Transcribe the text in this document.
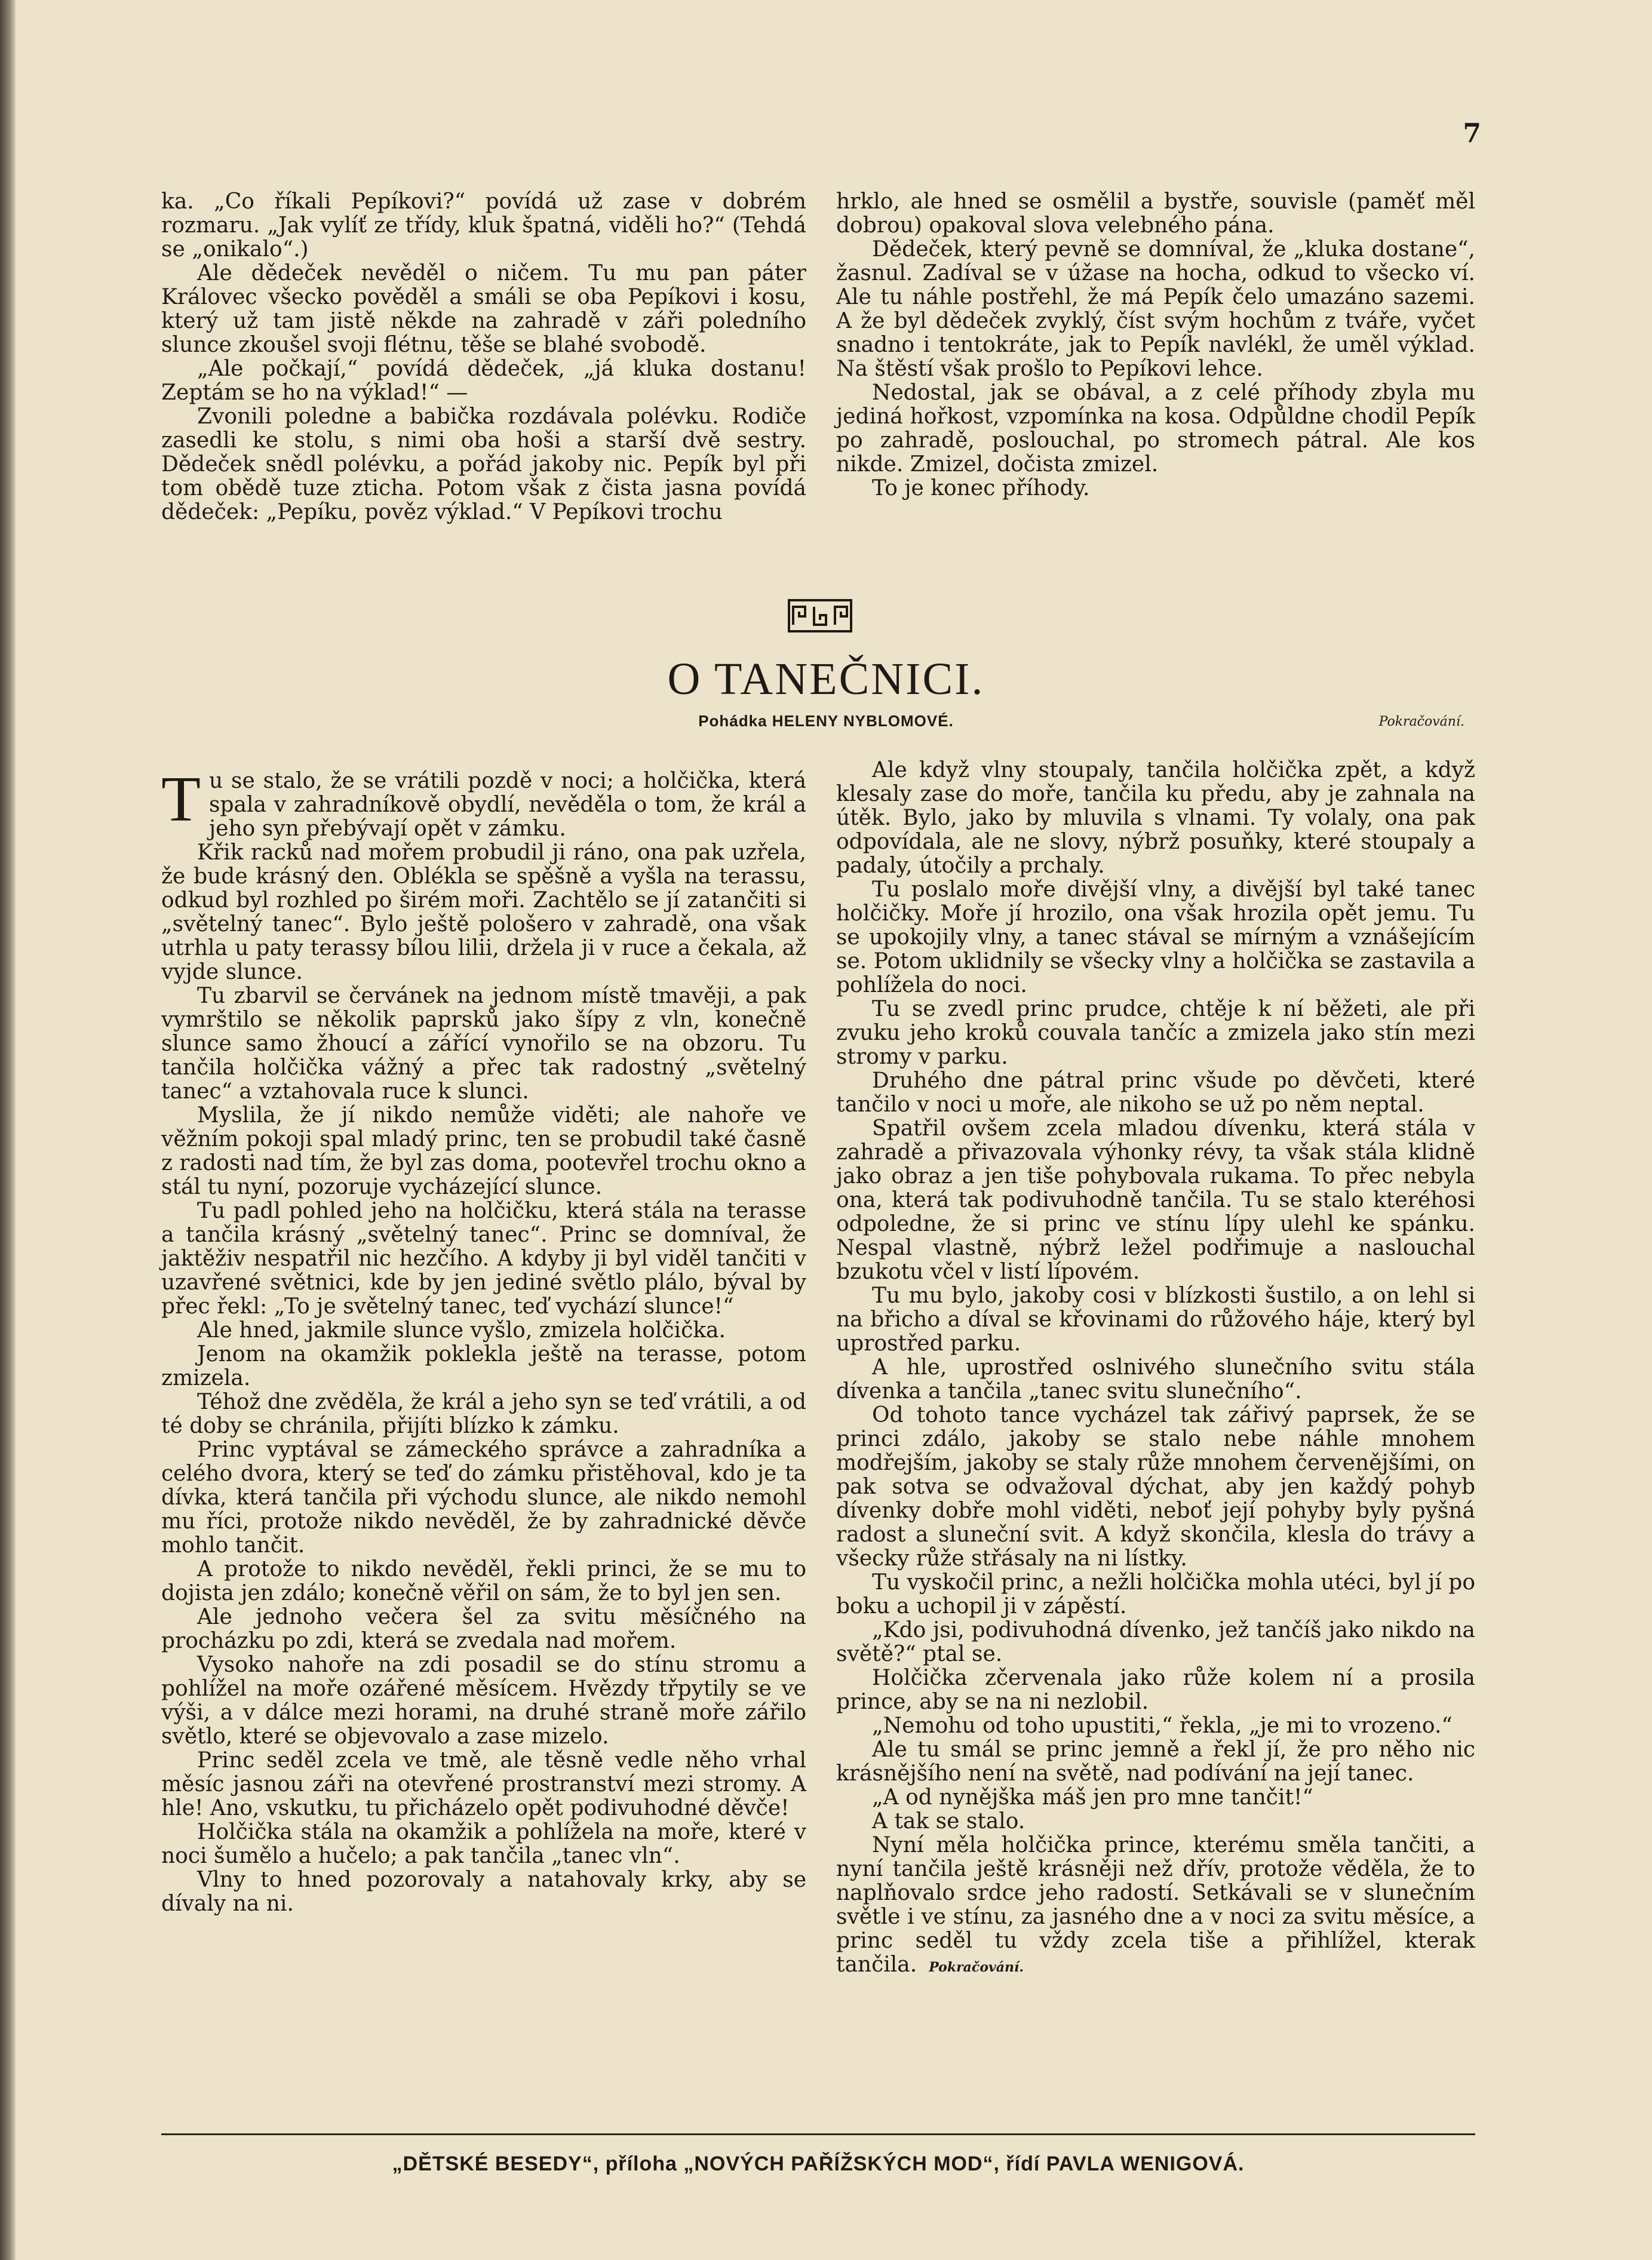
7

ka. „Co říkali Pepíkovi?“ povídá už zase v dobrém rozmaru. „Jak vylíť ze třídy, kluk špatná, viděli ho?“ (Tehdá se „onikalo“.)

Ale dědeček nevěděl o ničem. Tu mu pan páter Královec všecko pověděl a smáli se oba Pepíkovi i kosu, který už tam jistě někde na zahradě v záři poledního slunce zkoušel svoji flétnu, těše se blahé svobodě.

„Ale počkají,“ povídá dědeček, „já kluka dostanu! Zeptám se ho na výklad!“ —

Zvonili poledne a babička rozdávala polévku. Rodiče zasedli ke stolu, s nimi oba hoši a starší dvě sestry. Dědeček snědl polévku, a pořád jakoby nic. Pepík byl při tom obědě tuze zticha. Potom však z čista jasna povídá dědeček: „Pepíku, pověz výklad.“ V Pepíkovi trochu

hrklo, ale hned se osmělil a bystře, souvisle (paměť měl dobrou) opakoval slova velebného pána.

Dědeček, který pevně se domníval, že „kluka dostane“, žasnul. Zadíval se v úžase na hocha, odkud to všecko ví. Ale tu náhle postřehl, že má Pepík čelo umazáno sazemi. A že byl dědeček zvyklý, číst svým hochům z tváře, vyčet snadno i tentokráte, jak to Pepík navlékl, že uměl výklad. Na štěstí však prošlo to Pepíkovi lehce.

Nedostal, jak se obával, a z celé příhody zbyla mu jediná hořkost, vzpomínka na kosa. Odpůldne chodil Pepík po zahradě, poslouchal, po stromech pátral. Ale kos nikde. Zmizel, dočista zmizel.

To je konec příhody.

O TANEČNICI.
Pohádka HELENY NYBLOMOVÉ.	Pokračování.

Tu se stalo, že se vrátili pozdě v noci; a holčička, která spala v zahradníkově obydlí, nevěděla o tom, že král a jeho syn přebývají opět v zámku.

Křik racků nad mořem probudil ji ráno, ona pak uzřela, že bude krásný den. Oblékla se spěšně a vyšla na terassu, odkud byl rozhled po širém moři. Zachtělo se jí zatančiti si „světelný tanec“. Bylo ještě pološero v zahradě, ona však utrhla u paty terassy bílou lilii, držela ji v ruce a čekala, až vyjde slunce.

Tu zbarvil se červánek na jednom místě tmavěji, a pak vymrštilo se několik paprsků jako šípy z vln, konečně slunce samo žhoucí a zářící vynořilo se na obzoru. Tu tančila holčička vážný a přec tak radostný „světelný tanec“ a vztahovala ruce k slunci.

Myslila, že jí nikdo nemůže viděti; ale nahoře ve věžním pokoji spal mladý princ, ten se probudil také časně z radosti nad tím, že byl zas doma, pootevřel trochu okno a stál tu nyní, pozoruje vycházející slunce.

Tu padl pohled jeho na holčičku, která stála na terasse a tančila krásný „světelný tanec“. Princ se domníval, že jaktěživ nespatřil nic hezčího. A kdyby ji byl viděl tančiti v uzavřené světnici, kde by jen jediné světlo plálo, býval by přec řekl: „To je světelný tanec, teď vychází slunce!“

Ale hned, jakmile slunce vyšlo, zmizela holčička.

Jenom na okamžik poklekla ještě na terasse, potom zmizela.

Téhož dne zvěděla, že král a jeho syn se teď vrátili, a od té doby se chránila, přijíti blízko k zámku.

Princ vyptával se zámeckého správce a zahradníka a celého dvora, který se teď do zámku přistěhoval, kdo je ta dívka, která tančila při východu slunce, ale nikdo nemohl mu říci, protože nikdo nevěděl, že by zahradnické děvče mohlo tančit.

A protože to nikdo nevěděl, řekli princi, že se mu to dojista jen zdálo; konečně věřil on sám, že to byl jen sen.

Ale jednoho večera šel za svitu měsíčného na procházku po zdi, která se zvedala nad mořem.

Vysoko nahoře na zdi posadil se do stínu stromu a pohlížel na moře ozářené měsícem. Hvězdy třpytily se ve výši, a v dálce mezi horami, na druhé straně moře zářilo světlo, které se objevovalo a zase mizelo.

Princ seděl zcela ve tmě, ale těsně vedle něho vrhal měsíc jasnou záři na otevřené prostranství mezi stromy. A hle! Ano, vskutku, tu přicházelo opět podivuhodné děvče!

Holčička stála na okamžik a pohlížela na moře, které v noci šumělo a hučelo; a pak tančila „tanec vln“.

Vlny to hned pozorovaly a natahovaly krky, aby se dívaly na ni.

Ale když vlny stoupaly, tančila holčička zpět, a když klesaly zase do moře, tančila ku předu, aby je zahnala na útěk. Bylo, jako by mluvila s vlnami. Ty volaly, ona pak odpovídala, ale ne slovy, nýbrž posuňky, které stoupaly a padaly, útočily a prchaly.

Tu poslalo moře divější vlny, a divější byl také tanec holčičky. Moře jí hrozilo, ona však hrozila opět jemu. Tu se upokojily vlny, a tanec stával se mírným a vznášejícím se. Potom uklidnily se všecky vlny a holčička se zastavila a pohlížela do noci.

Tu se zvedl princ prudce, chtěje k ní běžeti, ale při zvuku jeho kroků couvala tančíc a zmizela jako stín mezi stromy v parku.

Druhého dne pátral princ všude po děvčeti, které tančilo v noci u moře, ale nikoho se už po něm neptal.

Spatřil ovšem zcela mladou dívenku, která stála v zahradě a přivazovala výhonky révy, ta však stála klidně jako obraz a jen tiše pohybovala rukama. To přec nebyla ona, která tak podivuhodně tančila. Tu se stalo kteréhosi odpoledne, že si princ ve stínu lípy ulehl ke spánku. Nespal vlastně, nýbrž ležel podřimuje a naslouchal bzukotu včel v listí lípovém.

Tu mu bylo, jakoby cosi v blízkosti šustilo, a on lehl si na břicho a díval se křovinami do růžového háje, který byl uprostřed parku.

A hle, uprostřed oslnivého slunečního svitu stála dívenka a tančila „tanec svitu slunečního“.

Od tohoto tance vycházel tak zářivý paprsek, že se princi zdálo, jakoby se stalo nebe náhle mnohem modřejším, jakoby se staly růže mnohem červenějšími, on pak sotva se odvažoval dýchat, aby jen každý pohyb dívenky dobře mohl viděti, neboť její pohyby byly pyšná radost a sluneční svit. A když skončila, klesla do trávy a všecky růže střásaly na ni lístky.

Tu vyskočil princ, a nežli holčička mohla utéci, byl jí po boku a uchopil ji v zápěstí.

„Kdo jsi, podivuhodná dívenko, jež tančíš jako nikdo na světě?“ ptal se.

Holčička zčervenala jako růže kolem ní a prosila prince, aby se na ni nezlobil.

„Nemohu od toho upustiti,“ řekla, „je mi to vrozeno.“

Ale tu smál se princ jemně a řekl jí, že pro něho nic krásnějšího není na světě, nad podívání na její tanec.

„A od nynějška máš jen pro mne tančit!“

A tak se stalo.

Nyní měla holčička prince, kterému směla tančiti, a nyní tančila ještě krásněji než dřív, protože věděla, že to naplňovalo srdce jeho radostí. Setkávali se v slunečním světle i ve stínu, za jasného dne a v noci za svitu měsíce, a princ seděl tu vždy zcela tiše a přihlížel, kterak tančila. Pokračování.

„DĚTSKÉ BESEDY“, příloha „NOVÝCH PAŘÍŽSKÝCH MOD“, řídí PAVLA WENIGOVÁ.
